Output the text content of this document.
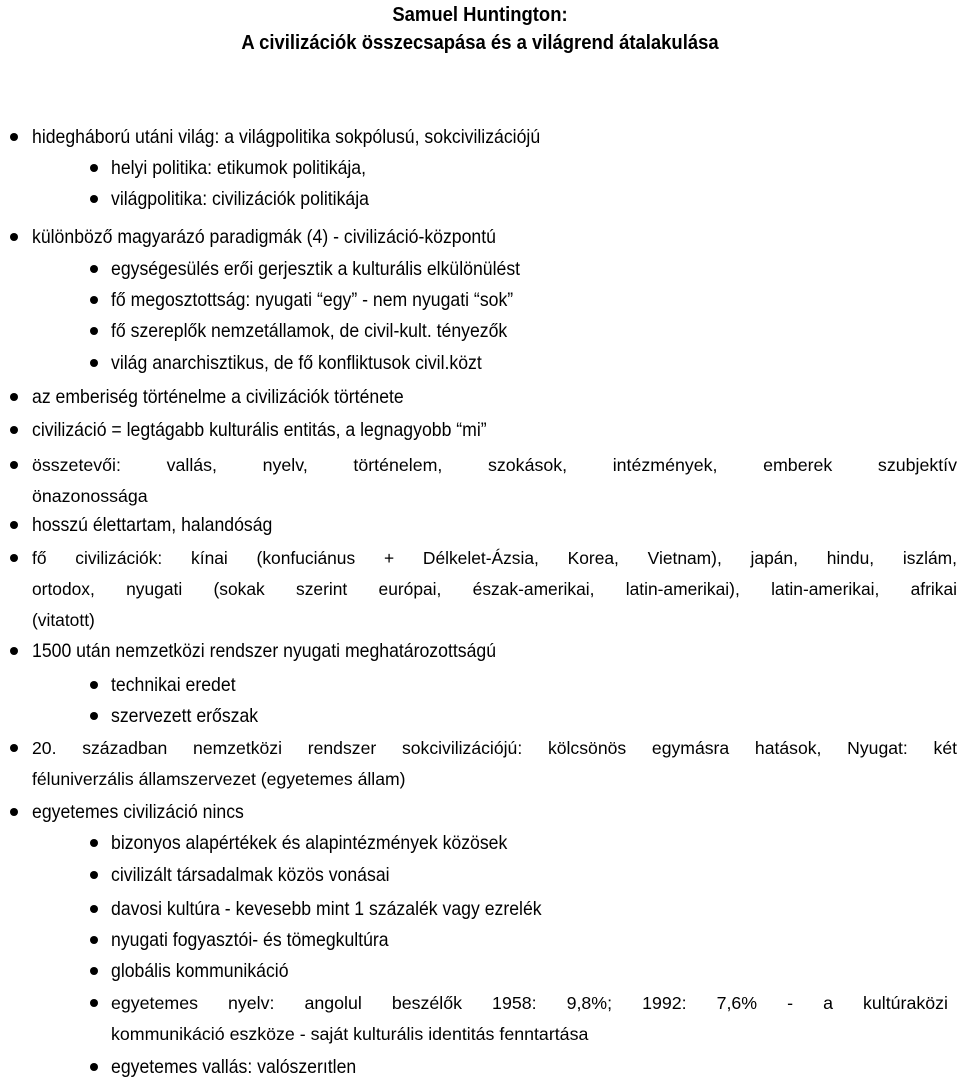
Samuel Huntington:
A civilizációk összecsapása és a világrend átalakulása
hidegháború utáni világ: a világpolitika sokpólusú, sokcivilizációjú
helyi politika: etikumok politikája,
világpolitika: civilizációk politikája
különböző magyarázó paradigmák (4) - civilizáció-központú
egységesülés erői gerjesztik a kulturális elkülönülést
fő megosztottság: nyugati “egy” - nem nyugati “sok”
fő szereplők nemzetállamok, de civil-kult. tényezők
világ anarchisztikus, de fő konfliktusok civil.közt
az emberiség történelme a civilizációk története
civilizáció = legtágabb kulturális entitás, a legnagyobb “mi”
összetevői: vallás, nyelv, történelem, szokások, intézmények, emberek szubjektív
önazonossága
hosszú élettartam, halandóság
fő civilizációk: kínai (konfuciánus + Délkelet-Ázsia, Korea, Vietnam), japán, hindu, iszlám,
ortodox, nyugati (sokak szerint európai, észak-amerikai, latin-amerikai), latin-amerikai, afrikai
(vitatott)
1500 után nemzetközi rendszer nyugati meghatározottságú
technikai eredet
szervezett erőszak
20. században nemzetközi rendszer sokcivilizációjú: kölcsönös egymásra hatások, Nyugat: két
féluniverzális államszervezet (egyetemes állam)
egyetemes civilizáció nincs
bizonyos alapértékek és alapintézmények közösek
civilizált társadalmak közös vonásai
davosi kultúra - kevesebb mint 1 százalék vagy ezrelék
nyugati fogyasztói- és tömegkultúra
globális kommunikáció
egyetemes nyelv: angolul beszélők 1958: 9,8%; 1992: 7,6% - a kultúraközi
kommunikáció eszköze - saját kulturális identitás fenntartása
egyetemes vallás: valószerıtlen
